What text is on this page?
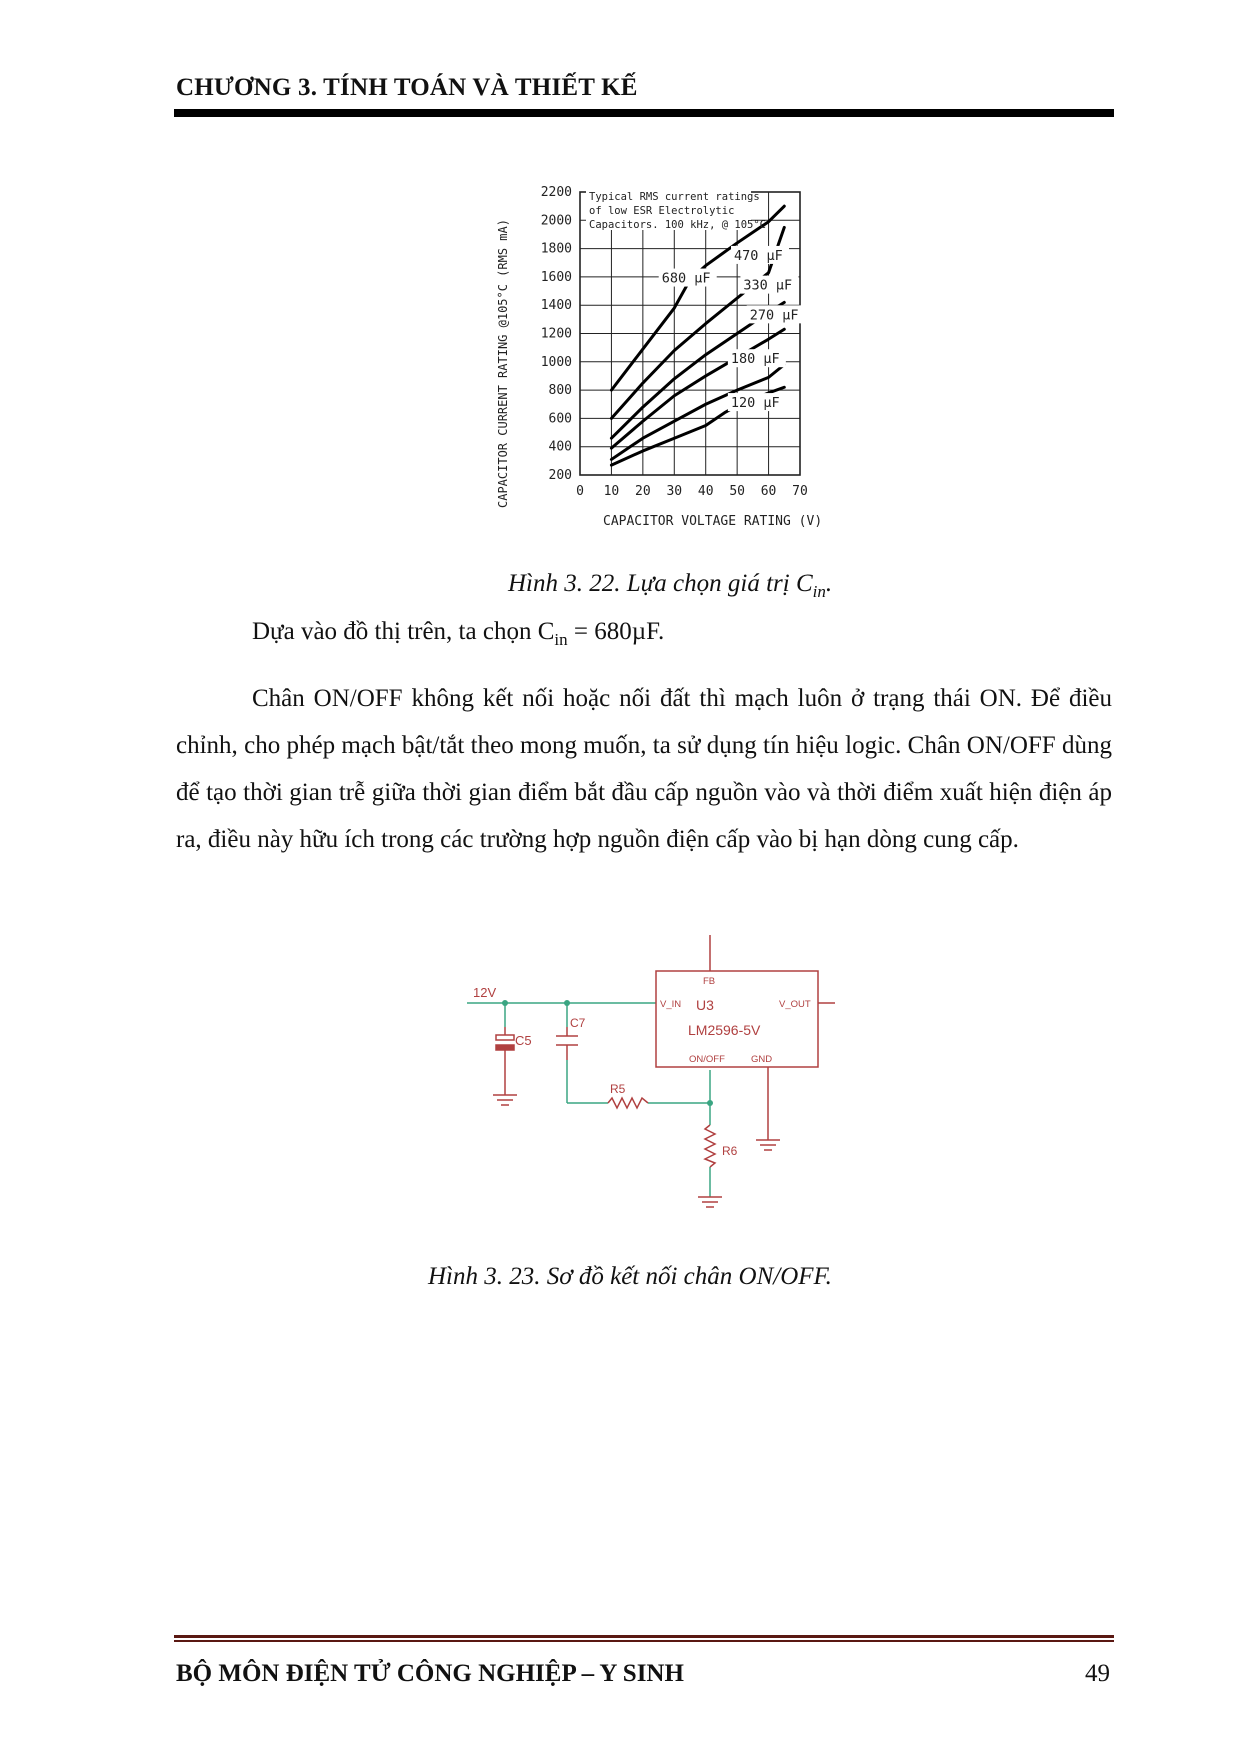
CHƯƠNG 3. TÍNH TOÁN VÀ THIẾT KẾ
0 10 20 30 40 50 60 70
200
400
600
800
1000
1200
1400
1600
1800
2000
2200
680 µF
470 µF
330 µF
270 µF
180 µF
120 µF
Typical RMS current ratings
of low ESR Electrolytic
Capacitors. 100 kHz, @ 105°C
CAPACITOR VOLTAGE RATING (V)
CAPACITOR CURRENT RATING @105°C (RMS mA)
Hình 3. 22. Lựa chọn giá trị $C_{in}$.

Dựa vào đồ thị trên, ta chọn $C_{in} = 680\mu F$.

Chân ON/OFF không kết nối hoặc nối đất thì mạch luôn ở trạng thái ON. Để điều chỉnh, cho phép mạch bật/tắt theo mong muốn, ta sử dụng tín hiệu logic. Chân ON/OFF dùng để tạo thời gian trễ giữa thời gian điểm bắt đầu cấp nguồn vào và thời điểm xuất hiện điện áp ra, điều này hữu ích trong các trường hợp nguồn điện cấp vào bị hạn dòng cung cấp.

12V
C5
C7
R5
R6
FB
V_IN	V_OUT
ON/OFF	GND
U3
LM2596-5V
Hình 3. 23. Sơ đồ kết nối chân ON/OFF.
BỘ MÔN ĐIỆN TỬ CÔNG NGHIỆP – Y SINH	49
